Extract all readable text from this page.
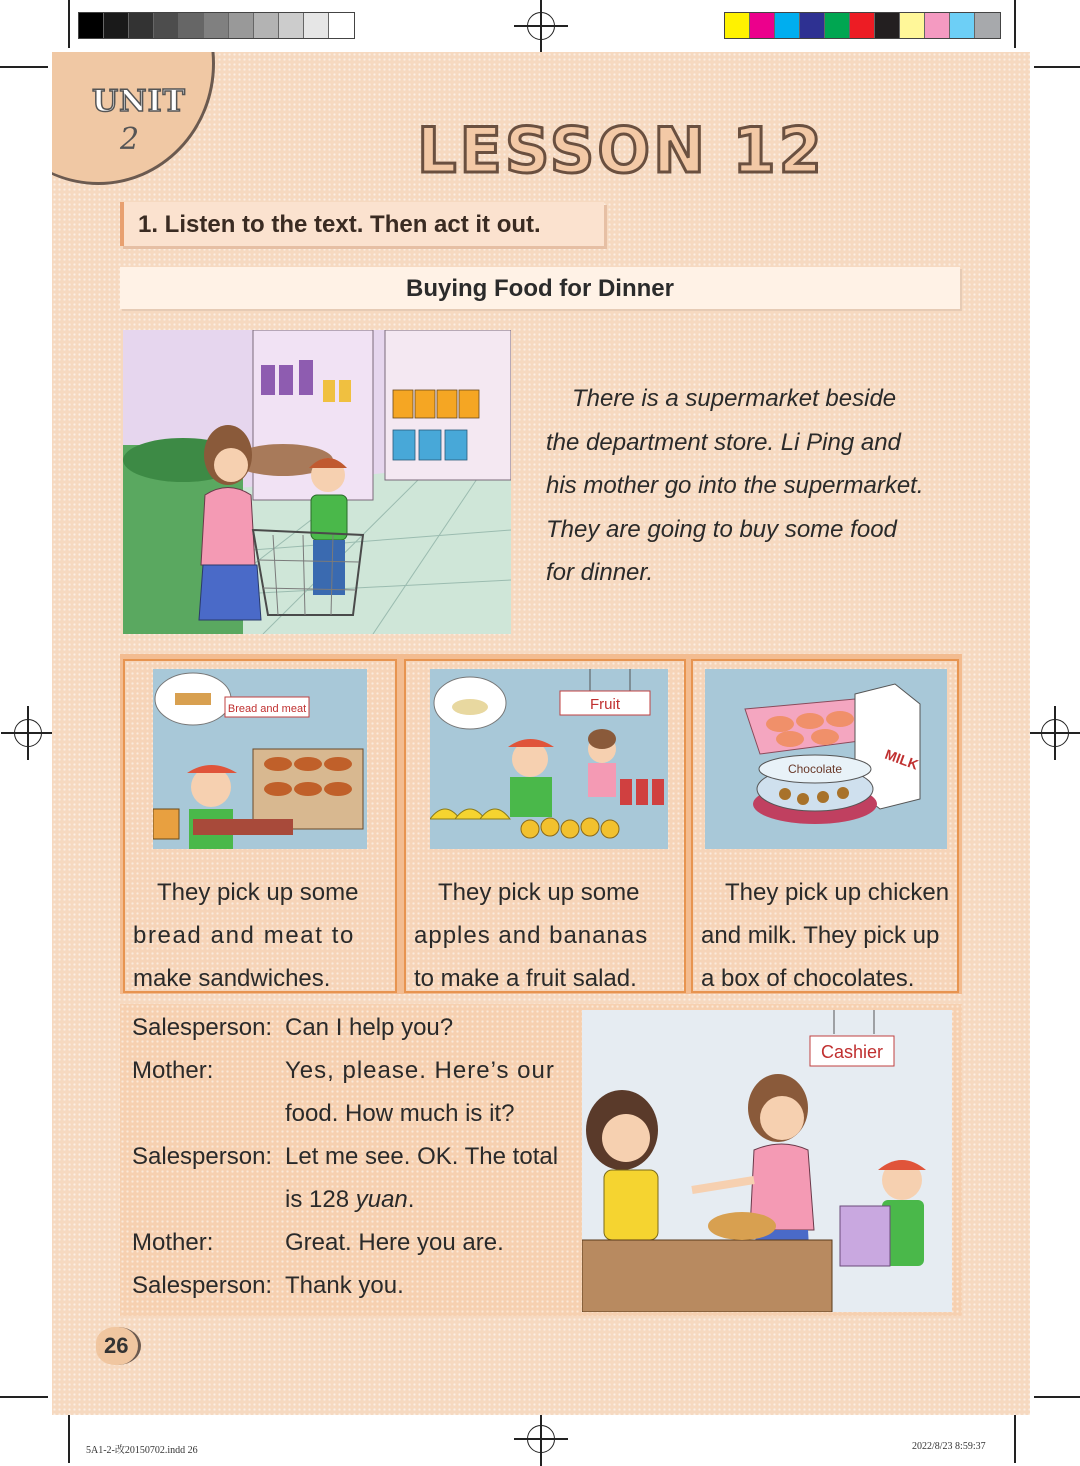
UNIT
2	LESSON 12
1. Listen to the text. Then act it out.
Buying Food for Dinner
There is a supermarket beside
the department store. Li Ping and
his mother go into the supermarket.
They are going to buy some food
for dinner.
Bread and meat
They pick up some
bread and meat to
make sandwiches.
Fruit
They pick up some
apples and bananas
to make a fruit salad.
MILK
Chocolate
They pick up chicken
and milk. They pick up
a box of chocolates.
Salesperson: Can I help you?
Mother:	Yes, please. Here’s our
food. How much is it?
Salesperson: Let me see. OK. The total
is 128 yuan.
Mother:	Great. Here you are.
Salesperson: Thank you.
Cashier
26
5A1-2-改20150702.indd 26	2022/8/23 8:59:37
